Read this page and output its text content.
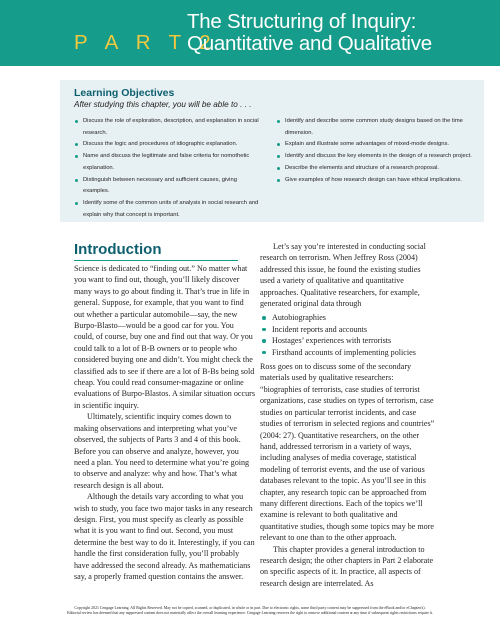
P A R T 2
The Structuring of Inquiry:
Quantitative and Qualitative
Learning Objectives
After studying this chapter, you will be able to . . .
Discuss the role of exploration, description, and explanation in social research.
Discuss the logic and procedures of idiographic explanation.
Name and discuss the legitimate and false criteria for nomothetic explanation.
Distinguish between necessary and sufficient causes, giving examples.
Identify some of the common units of analysis in social research and explain why that concept is important.
Identify and describe some common study designs based on the time dimension.
Explain and illustrate some advantages of mixed-mode designs.
Identify and discuss the key elements in the design of a research project.
Describe the elements and structure of a research proposal.
Give examples of how research design can have ethical implications.
Introduction

Science is dedicated to “finding out.” No matter what you want to find out, though, you’ll likely discover many ways to go about finding it. That’s true in life in general. Suppose, for example, that you want to find out whether a particular automobile—say, the new Burpo-Blasto—would be a good car for you. You could, of course, buy one and find out that way. Or you could talk to a lot of B-B owners or to people who considered buying one and didn’t. You might check the classified ads to see if there are a lot of B-Bs being sold cheap. You could read consumer-magazine or online evaluations of Burpo-Blastos. A similar situation occurs in scientific inquiry.

Ultimately, scientific inquiry comes down to making observations and interpreting what you’ve observed, the subjects of Parts 3 and 4 of this book. Before you can observe and analyze, however, you need a plan. You need to determine what you’re going to observe and analyze: why and how. That’s what research design is all about.

Although the details vary according to what you wish to study, you face two major tasks in any research design. First, you must specify as clearly as possible what it is you want to find out. Second, you must determine the best way to do it. Interestingly, if you can handle the first consideration fully, you’ll probably have addressed the second already. As mathematicians say, a properly framed question contains the answer.

Let’s say you’re interested in conducting social research on terrorism. When Jeffrey Ross (2004) addressed this issue, he found the existing studies used a variety of qualitative and quantitative approaches. Qualitative researchers, for example, generated original data through

Autobiographies
Incident reports and accounts
Hostages’ experiences with terrorists
Firsthand accounts of implementing policies

Ross goes on to discuss some of the secondary materials used by qualitative researchers: “biographies of terrorists, case studies of terrorist organizations, case studies on types of terrorism, case studies on particular terrorist incidents, and case studies of terrorism in selected regions and countries” (2004: 27). Quantitative researchers, on the other hand, addressed terrorism in a variety of ways, including analyses of media coverage, statistical modeling of terrorist events, and the use of various databases relevant to the topic. As you’ll see in this chapter, any research topic can be approached from many different directions. Each of the topics we’ll examine is relevant to both qualitative and quantitative studies, though some topics may be more relevant to one than to the other approach.

This chapter provides a general introduction to research design; the other chapters in Part 2 elaborate on specific aspects of it. In practice, all aspects of research design are interrelated. As

Copyright 2021 Cengage Learning. All Rights Reserved. May not be copied, scanned, or duplicated, in whole or in part. Due to electronic rights, some third party content may be suppressed from the eBook and/or eChapter(s).
Editorial review has deemed that any suppressed content does not materially affect the overall learning experience. Cengage Learning reserves the right to remove additional content at any time if subsequent rights restrictions require it.
